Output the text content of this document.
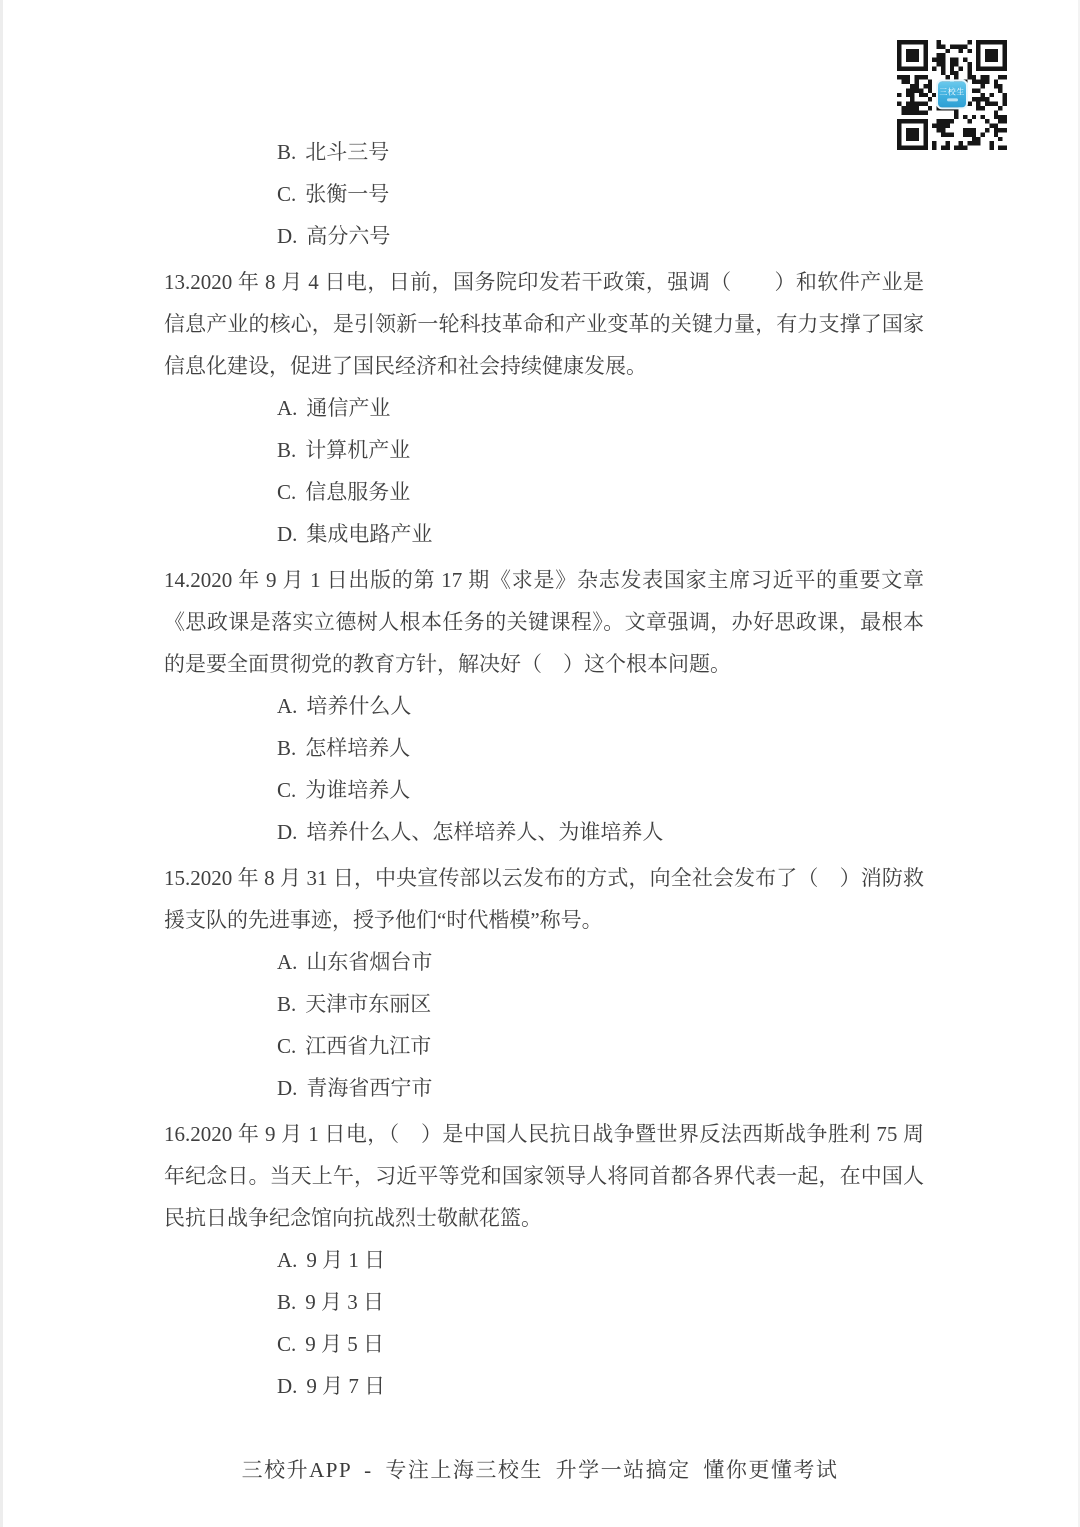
三校生
B. 北斗三号
C. 张衡一号
D. 高分六号

13.2020 年 8 月 4 日电，日前，国务院印发若干政策，强调（　　）和软件产业是信息产业的核心，是引领新一轮科技革命和产业变革的关键力量，有力支撑了国家信息化建设，促进了国民经济和社会持续健康发展。

A. 通信产业
B. 计算机产业
C. 信息服务业
D. 集成电路产业

14.2020 年 9 月 1 日出版的第 17 期《求是》杂志发表国家主席习近平的重要文章《思政课是落实立德树人根本任务的关键课程》。文章强调，办好思政课，最根本的是要全面贯彻党的教育方针，解决好（　）这个根本问题。

A. 培养什么人
B. 怎样培养人
C. 为谁培养人
D. 培养什么人、怎样培养人、为谁培养人

15.2020 年 8 月 31 日，中央宣传部以云发布的方式，向全社会发布了（　）消防救援支队的先进事迹，授予他们“时代楷模”称号。

A. 山东省烟台市
B. 天津市东丽区
C. 江西省九江市
D. 青海省西宁市

16.2020 年 9 月 1 日电，（　）是中国人民抗日战争暨世界反法西斯战争胜利 75 周年纪念日。当天上午，习近平等党和国家领导人将同首都各界代表一起，在中国人民抗日战争纪念馆向抗战烈士敬献花篮。

A. 9 月 1 日
B. 9 月 3 日
C. 9 月 5 日
D. 9 月 7 日
三校升APP - 专注上海三校生 升学一站搞定 懂你更懂考试
